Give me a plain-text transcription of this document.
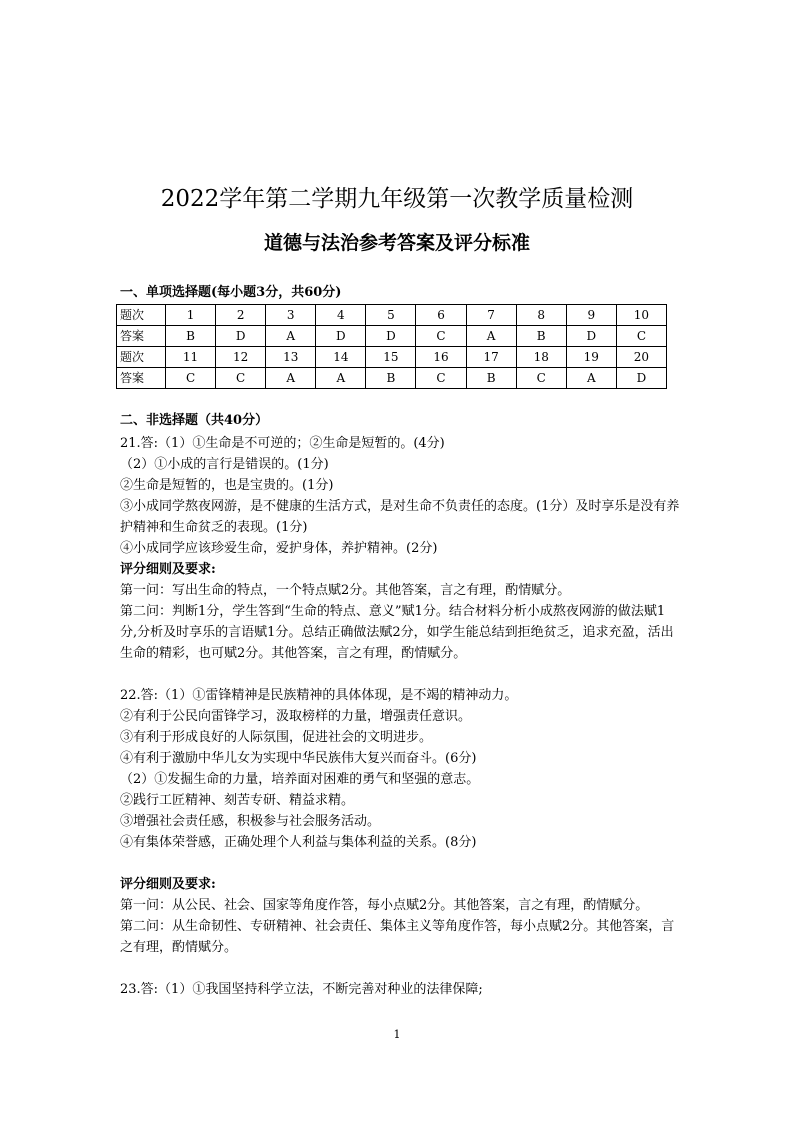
2022学年第二学期九年级第一次教学质量检测
道德与法治参考答案及评分标准
一、单项选择题(每小题3分，共60分)
题次	1	2	3	4	5	6	7	8	9	10
答案	B	D	A	D	D	C	A	B	D	C
题次	11	12	13	14	15	16	17	18	19	20
答案	C	C	A	A	B	C	B	C	A	D
二、非选择题（共40分）

21.答:（1）①生命是不可逆的；②生命是短暂的。(4分)

（2）①小成的言行是错误的。(1分)

②生命是短暂的，也是宝贵的。(1分)

③小成同学熬夜网游，是不健康的生活方式，是对生命不负责任的态度。(1分）及时享乐是没有养护精神和生命贫乏的表现。(1分)

④小成同学应该珍爱生命，爱护身体，养护精神。(2分)

评分细则及要求:

第一问：写出生命的特点，一个特点赋2分。其他答案，言之有理，酌情赋分。

第二问：判断1分，学生答到“生命的特点、意义”赋1分。结合材料分析小成熬夜网游的做法赋1分,分析及时享乐的言语赋1分。总结正确做法赋2分，如学生能总结到拒绝贫乏，追求充盈，活出生命的精彩，也可赋2分。其他答案，言之有理，酌情赋分。

22.答:（1）①雷锋精神是民族精神的具体体现，是不竭的精神动力。

②有利于公民向雷锋学习，汲取榜样的力量，增强责任意识。

③有利于形成良好的人际氛围，促进社会的文明进步。

④有利于激励中华儿女为实现中华民族伟大复兴而奋斗。(6分)

（2）①发掘生命的力量，培养面对困难的勇气和坚强的意志。

②践行工匠精神、刻苦专研、精益求精。

③增强社会责任感，积极参与社会服务活动。

④有集体荣誉感，正确处理个人利益与集体利益的关系。(8分)

评分细则及要求:

第一问：从公民、社会、国家等角度作答，每小点赋2分。其他答案，言之有理，酌情赋分。

第二问：从生命韧性、专研精神、社会责任、集体主义等角度作答，每小点赋2分。其他答案，言之有理，酌情赋分。

23.答:（1）①我国坚持科学立法，不断完善对种业的法律保障;

1
